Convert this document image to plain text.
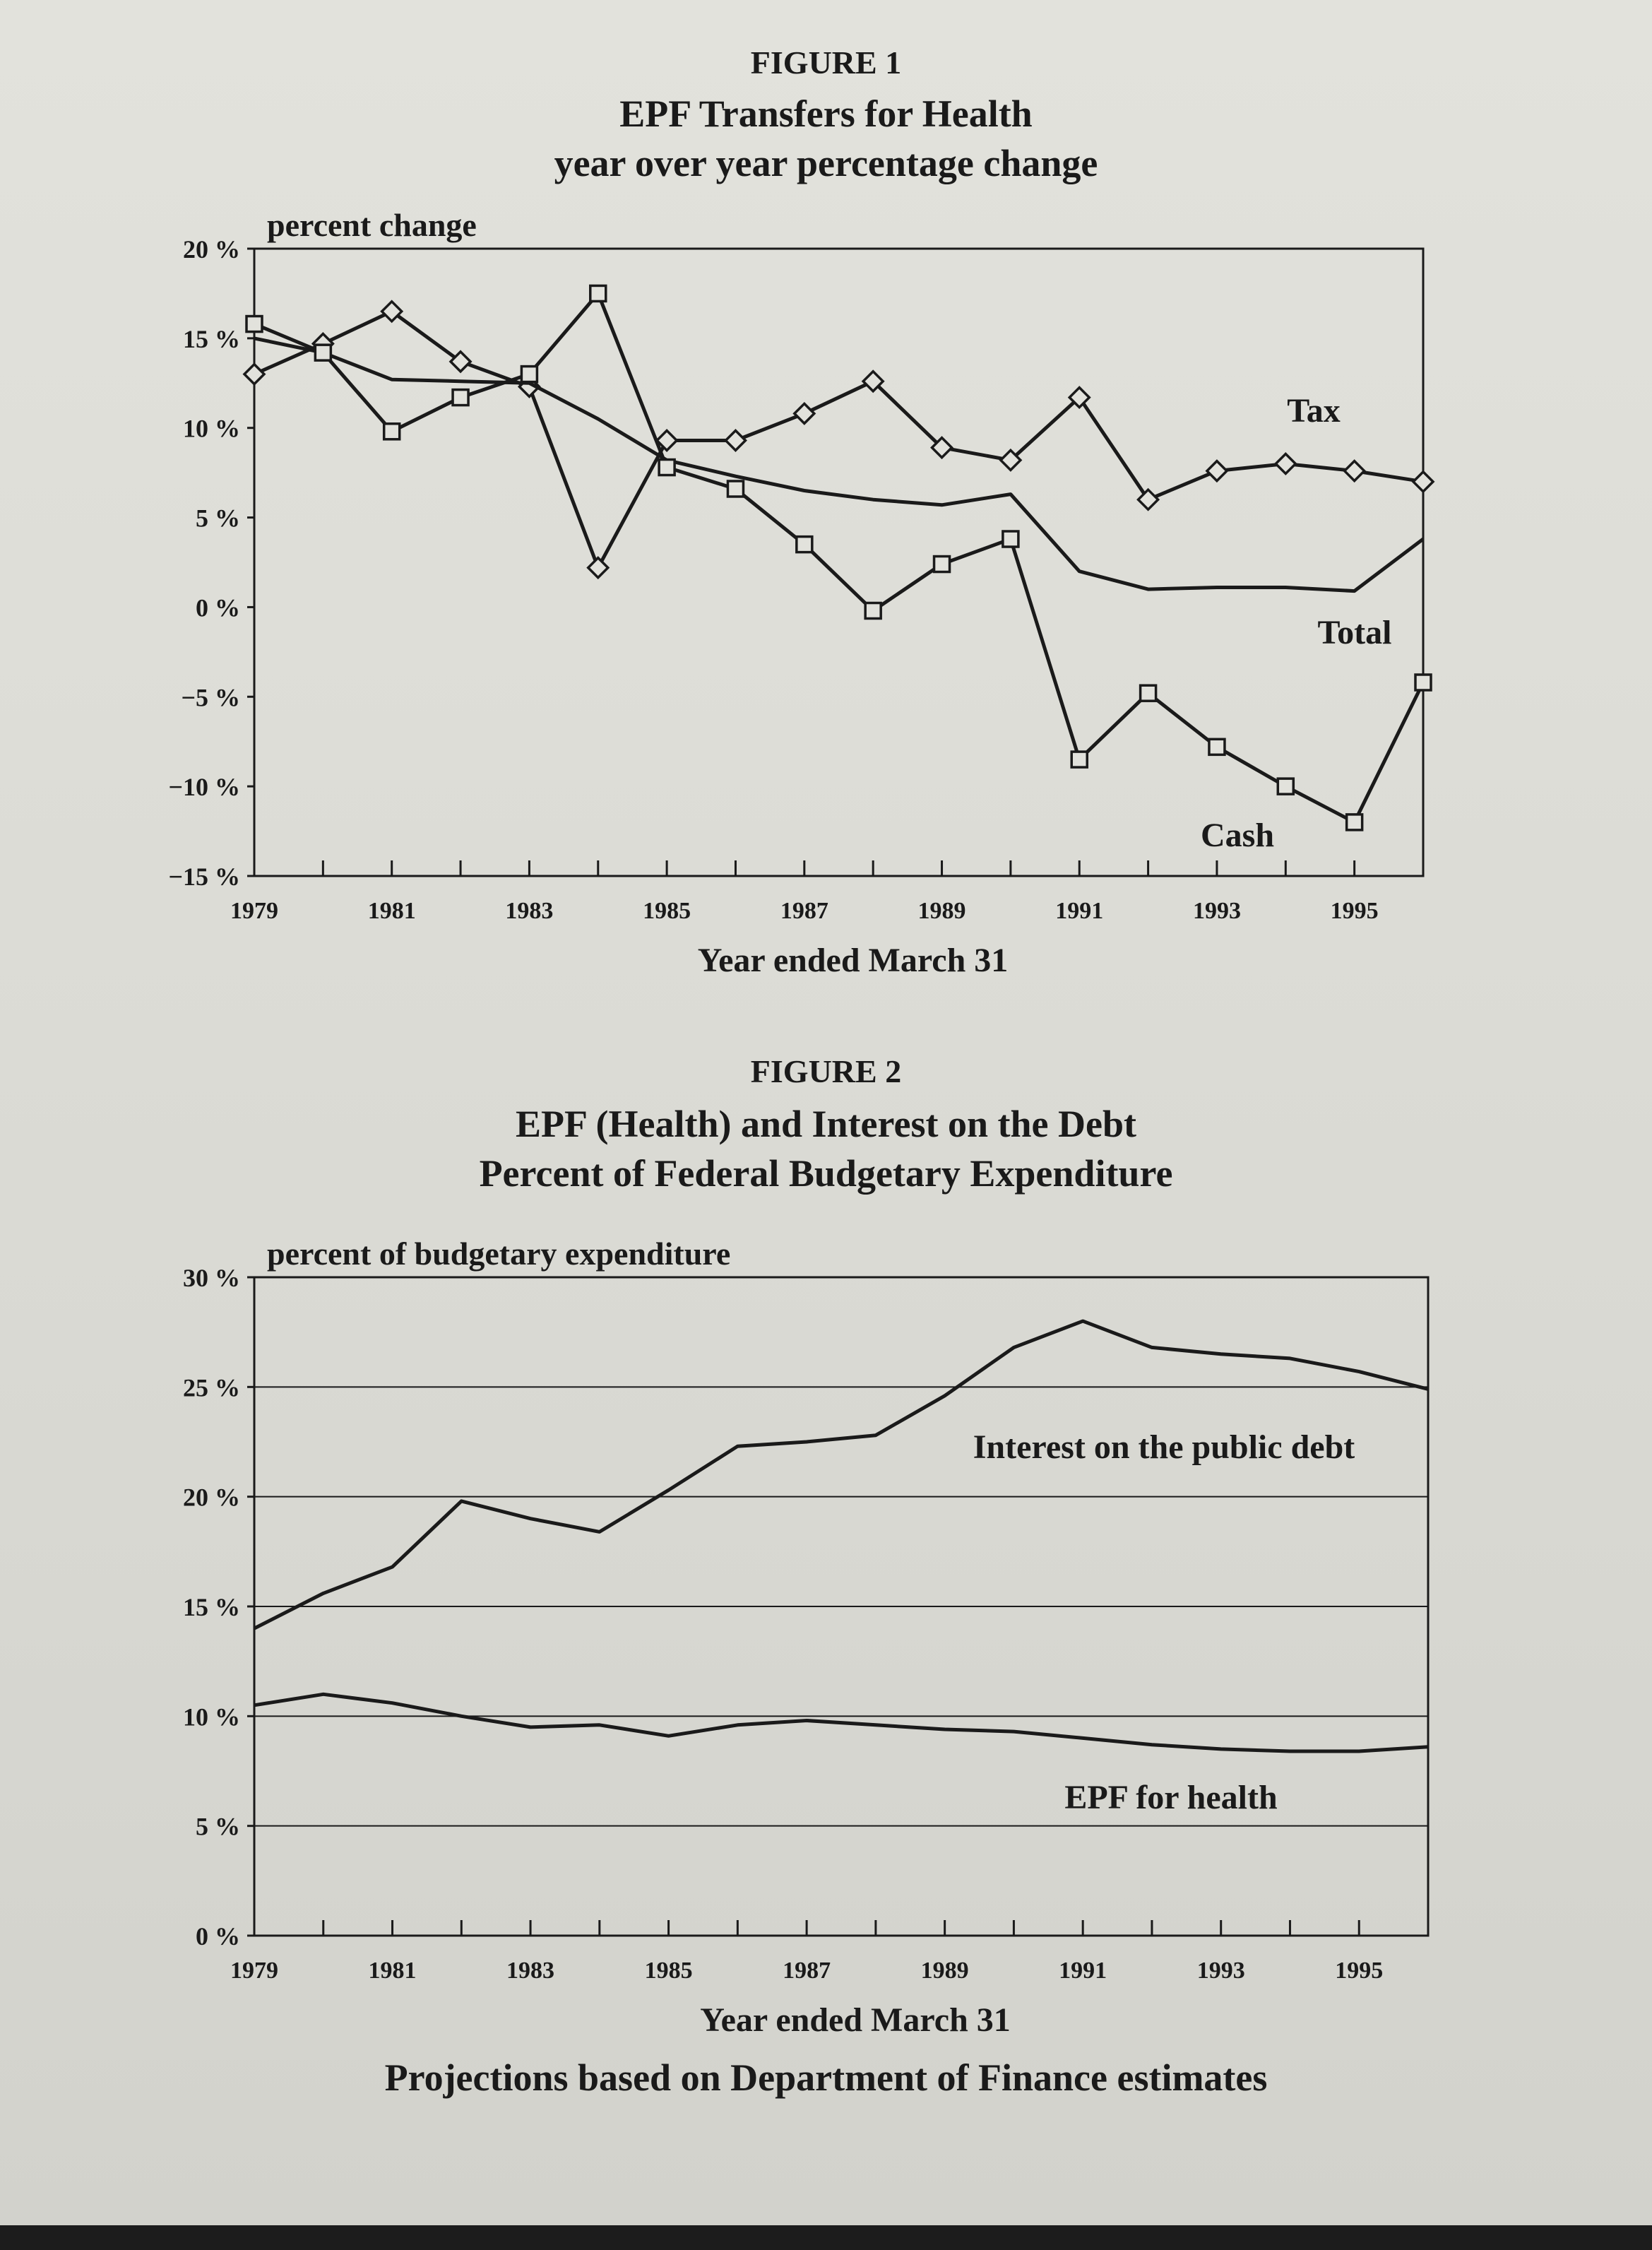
FIGURE 1
EPF Transfers for Health
year over year percentage change
percent change
20 %
15 %
10 %
5 %
0 %
−5 %
−10 %
−15 %
1979	1981	1983	1985	1987	1989	1991	1993	1995
Year ended March 31
Tax
Total
Cash
FIGURE 2
EPF (Health) and Interest on the Debt
Percent of Federal Budgetary Expenditure
percent of budgetary expenditure
0 %
5 %
10 %
15 %
20 %
25 %
30 %
1979	1981	1983	1985	1987	1989	1991	1993	1995
Year ended March 31
Interest on the public debt
EPF for health
Projections based on Department of Finance estimates
